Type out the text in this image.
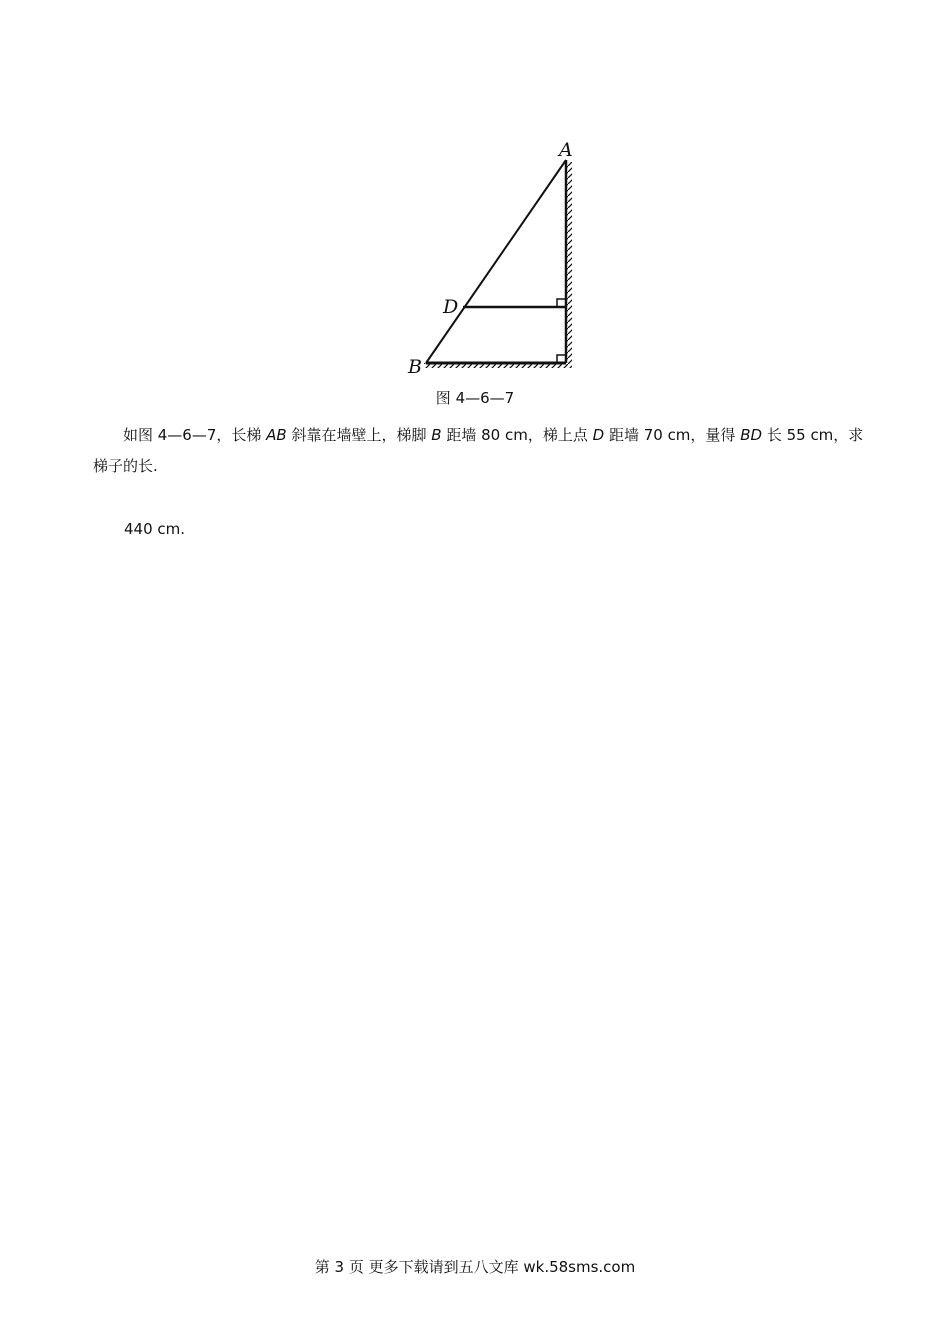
A
D
B
图 4—6—7
如图 4—6—7，长梯 AB 斜靠在墙壁上，梯脚 B 距墙 80 cm，梯上点 D 距墙 70 cm，量得 BD 长 55 cm，求梯子的长.
440 cm.
第 3 页 更多下载请到五八文库 wk.58sms.com
